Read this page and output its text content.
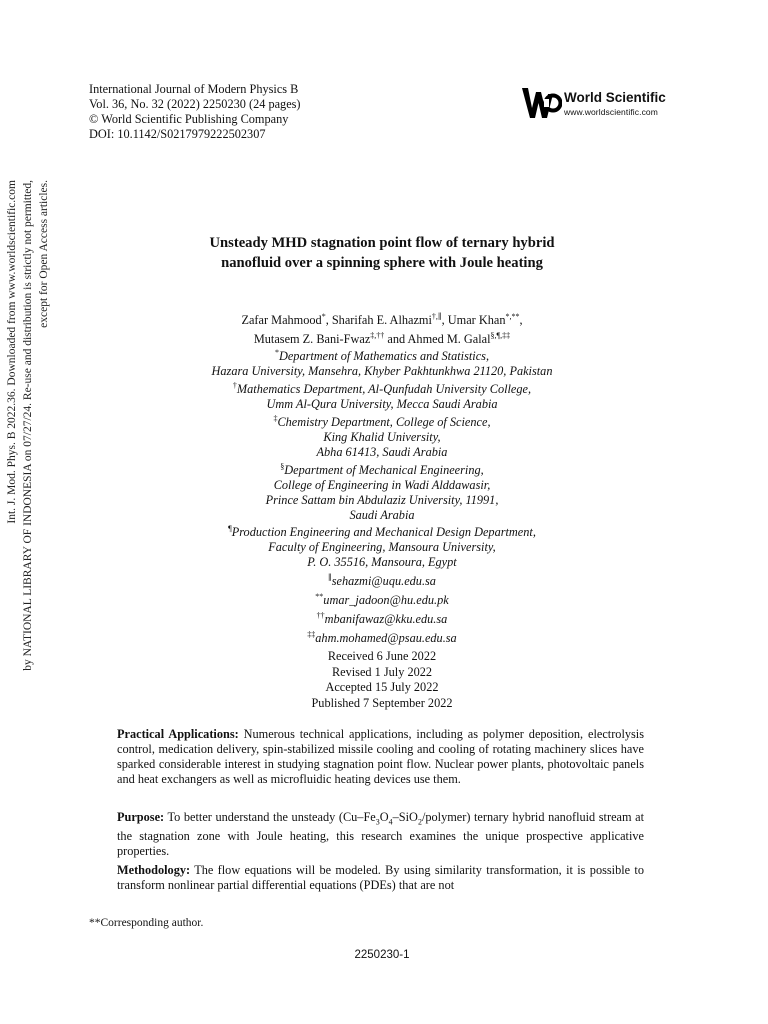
Int. J. Mod. Phys. B 2022.36. Downloaded from www.worldscientific.com by NATIONAL LIBRARY OF INDONESIA on 07/27/24. Re-use and distribution is strictly not permitted, except for Open Access articles.
International Journal of Modern Physics B
Vol. 36, No. 32 (2022) 2250230 (24 pages)
© World Scientific Publishing Company
DOI: 10.1142/S0217979222502307
World Scientific
www.worldscientific.com
Unsteady MHD stagnation point flow of ternary hybrid
nanofluid over a spinning sphere with Joule heating
Zafar Mahmood*, Sharifah E. Alhazmi†,∥, Umar Khan*,**,
Mutasem Z. Bani-Fwaz‡,†† and Ahmed M. Galal§,¶,‡‡
*Department of Mathematics and Statistics,
Hazara University, Mansehra, Khyber Pakhtunkhwa 21120, Pakistan
†Mathematics Department, Al-Qunfudah University College,
Umm Al-Qura University, Mecca Saudi Arabia
‡Chemistry Department, College of Science,
King Khalid University,
Abha 61413, Saudi Arabia
§Department of Mechanical Engineering,
College of Engineering in Wadi Alddawasir,
Prince Sattam bin Abdulaziz University, 11991,
Saudi Arabia
¶Production Engineering and Mechanical Design Department,
Faculty of Engineering, Mansoura University,
P. O. 35516, Mansoura, Egypt
∥sehazmi@uqu.edu.sa
**umar_jadoon@hu.edu.pk
††mbanifawaz@kku.edu.sa
‡‡ahm.mohamed@psau.edu.sa
Received 6 June 2022
Revised 1 July 2022
Accepted 15 July 2022
Published 7 September 2022
Practical Applications: Numerous technical applications, including as polymer deposition, electrolysis control, medication delivery, spin-stabilized missile cooling and cooling of rotating machinery slices have sparked considerable interest in studying stagnation point flow. Nuclear power plants, photovoltaic panels and heat exchangers as well as microfluidic heating devices use them.
Purpose: To better understand the unsteady $(Cu-Fe_3O_4-SiO_2/polymer)$ ternary hybrid nanofluid stream at the stagnation zone with Joule heating, this research examines the unique prospective applicative properties.
Methodology: The flow equations will be modeled. By using similarity transformation, it is possible to transform nonlinear partial differential equations (PDEs) that are not
**Corresponding author.
2250230-1
